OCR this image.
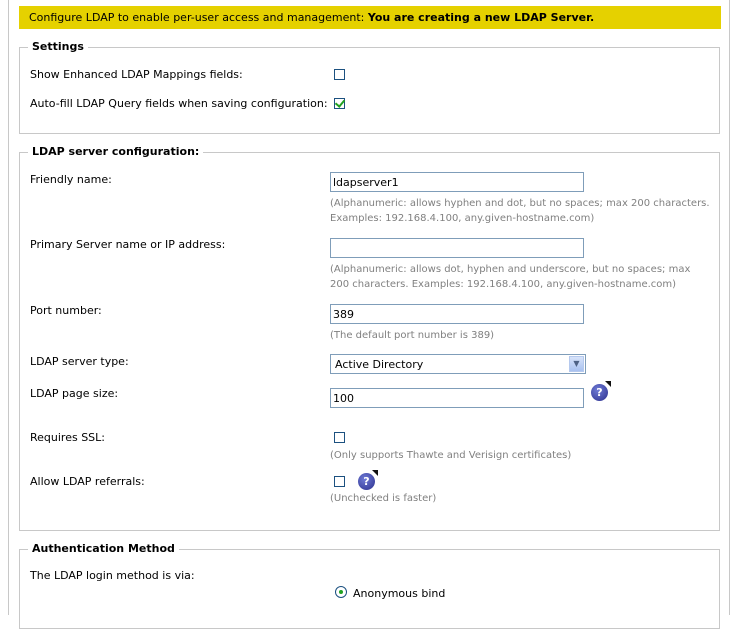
Configure LDAP to enable per-user access and management: You are creating a new LDAP Server.
Settings
Show Enhanced LDAP Mappings fields:
Auto-fill LDAP Query fields when saving configuration:
LDAP server configuration:
Friendly name:	ldapserver1
(Alphanumeric: allows hyphen and dot, but no spaces; max 200 characters. Examples: 192.168.4.100, any.given-hostname.com)
Primary Server name or IP address:
(Alphanumeric: allows dot, hyphen and underscore, but no spaces; max 200 characters. Examples: 192.168.4.100, any.given-hostname.com)
Port number:	389
(The default port number is 389)
LDAP server type:	Active Directory	▼
LDAP page size:	100	?
Requires SSL:
(Only supports Thawte and Verisign certificates)
Allow LDAP referrals:	?
(Unchecked is faster)
Authentication Method
The LDAP login method is via:
Anonymous bind
